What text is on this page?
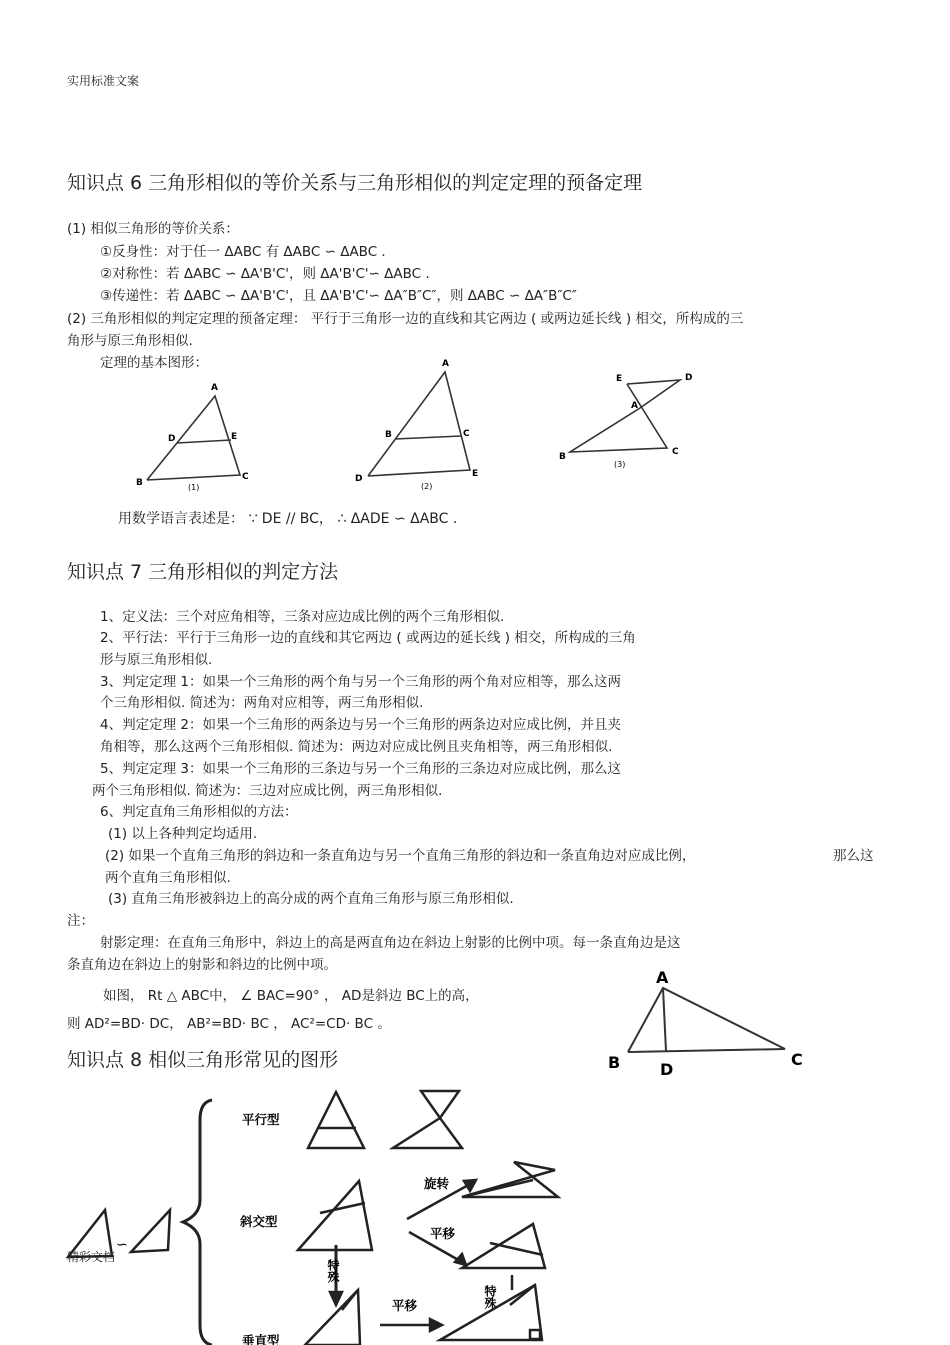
实用标准文案
知识点 6 三角形相似的等价关系与三角形相似的判定定理的预备定理
(1) 相似三角形的等价关系：
①反身性：对于任一 ΔABC 有 ΔABC ∽ ΔABC .
②对称性：若 ΔABC ∽ ΔA'B'C'，则 ΔA'B'C'∽ ΔABC .
③传递性：若 ΔABC ∽ ΔA'B'C'，且 ΔA'B'C'∽ ΔA″B″C″，则 ΔABC ∽ ΔA″B″C″
(2) 三角形相似的判定定理的预备定理： 平行于三角形一边的直线和其它两边 ( 或两边延长线 ) 相交，所构成的三
角形与原三角形相似.
定理的基本图形：
A
D	E
B
C
(1)
A
B	C
D	E
(2)
E	D
A
B	C
(3)
用数学语言表述是： ∵ DE // BC， ∴ ΔADE ∽ ΔABC .
知识点 7 三角形相似的判定方法
1、定义法：三个对应角相等，三条对应边成比例的两个三角形相似.
2、平行法：平行于三角形一边的直线和其它两边 ( 或两边的延长线 ) 相交，所构成的三角
形与原三角形相似.
3、判定定理 1：如果一个三角形的两个角与另一个三角形的两个角对应相等，那么这两
个三角形相似. 简述为：两角对应相等，两三角形相似.
4、判定定理 2：如果一个三角形的两条边与另一个三角形的两条边对应成比例，并且夹
角相等，那么这两个三角形相似. 简述为：两边对应成比例且夹角相等，两三角形相似.
5、判定定理 3：如果一个三角形的三条边与另一个三角形的三条边对应成比例，那么这
两个三角形相似. 简述为：三边对应成比例，两三角形相似.
6、判定直角三角形相似的方法：
(1) 以上各种判定均适用.
(2) 如果一个直角三角形的斜边和一条直角边与另一个直角三角形的斜边和一条直角边对应成比例，	那么这
两个直角三角形相似.
(3) 直角三角形被斜边上的高分成的两个直角三角形与原三角形相似.
注：
射影定理：在直角三角形中，斜边上的高是两直角边在斜边上射影的比例中项。每一条直角边是这
条直角边在斜边上的射影和斜边的比例中项。
如图， Rt △ ABC中， ∠ BAC=90° ， AD是斜边 BC上的高，
则 AD²=BD· DC， AB²=BD· BC ， AC²=CD· BC 。
A
B	C
D
知识点 8 相似三角形常见的图形
∽
平行型
斜交型
垂直型
旋转
平移
平移
特殊
特殊
精彩文档
